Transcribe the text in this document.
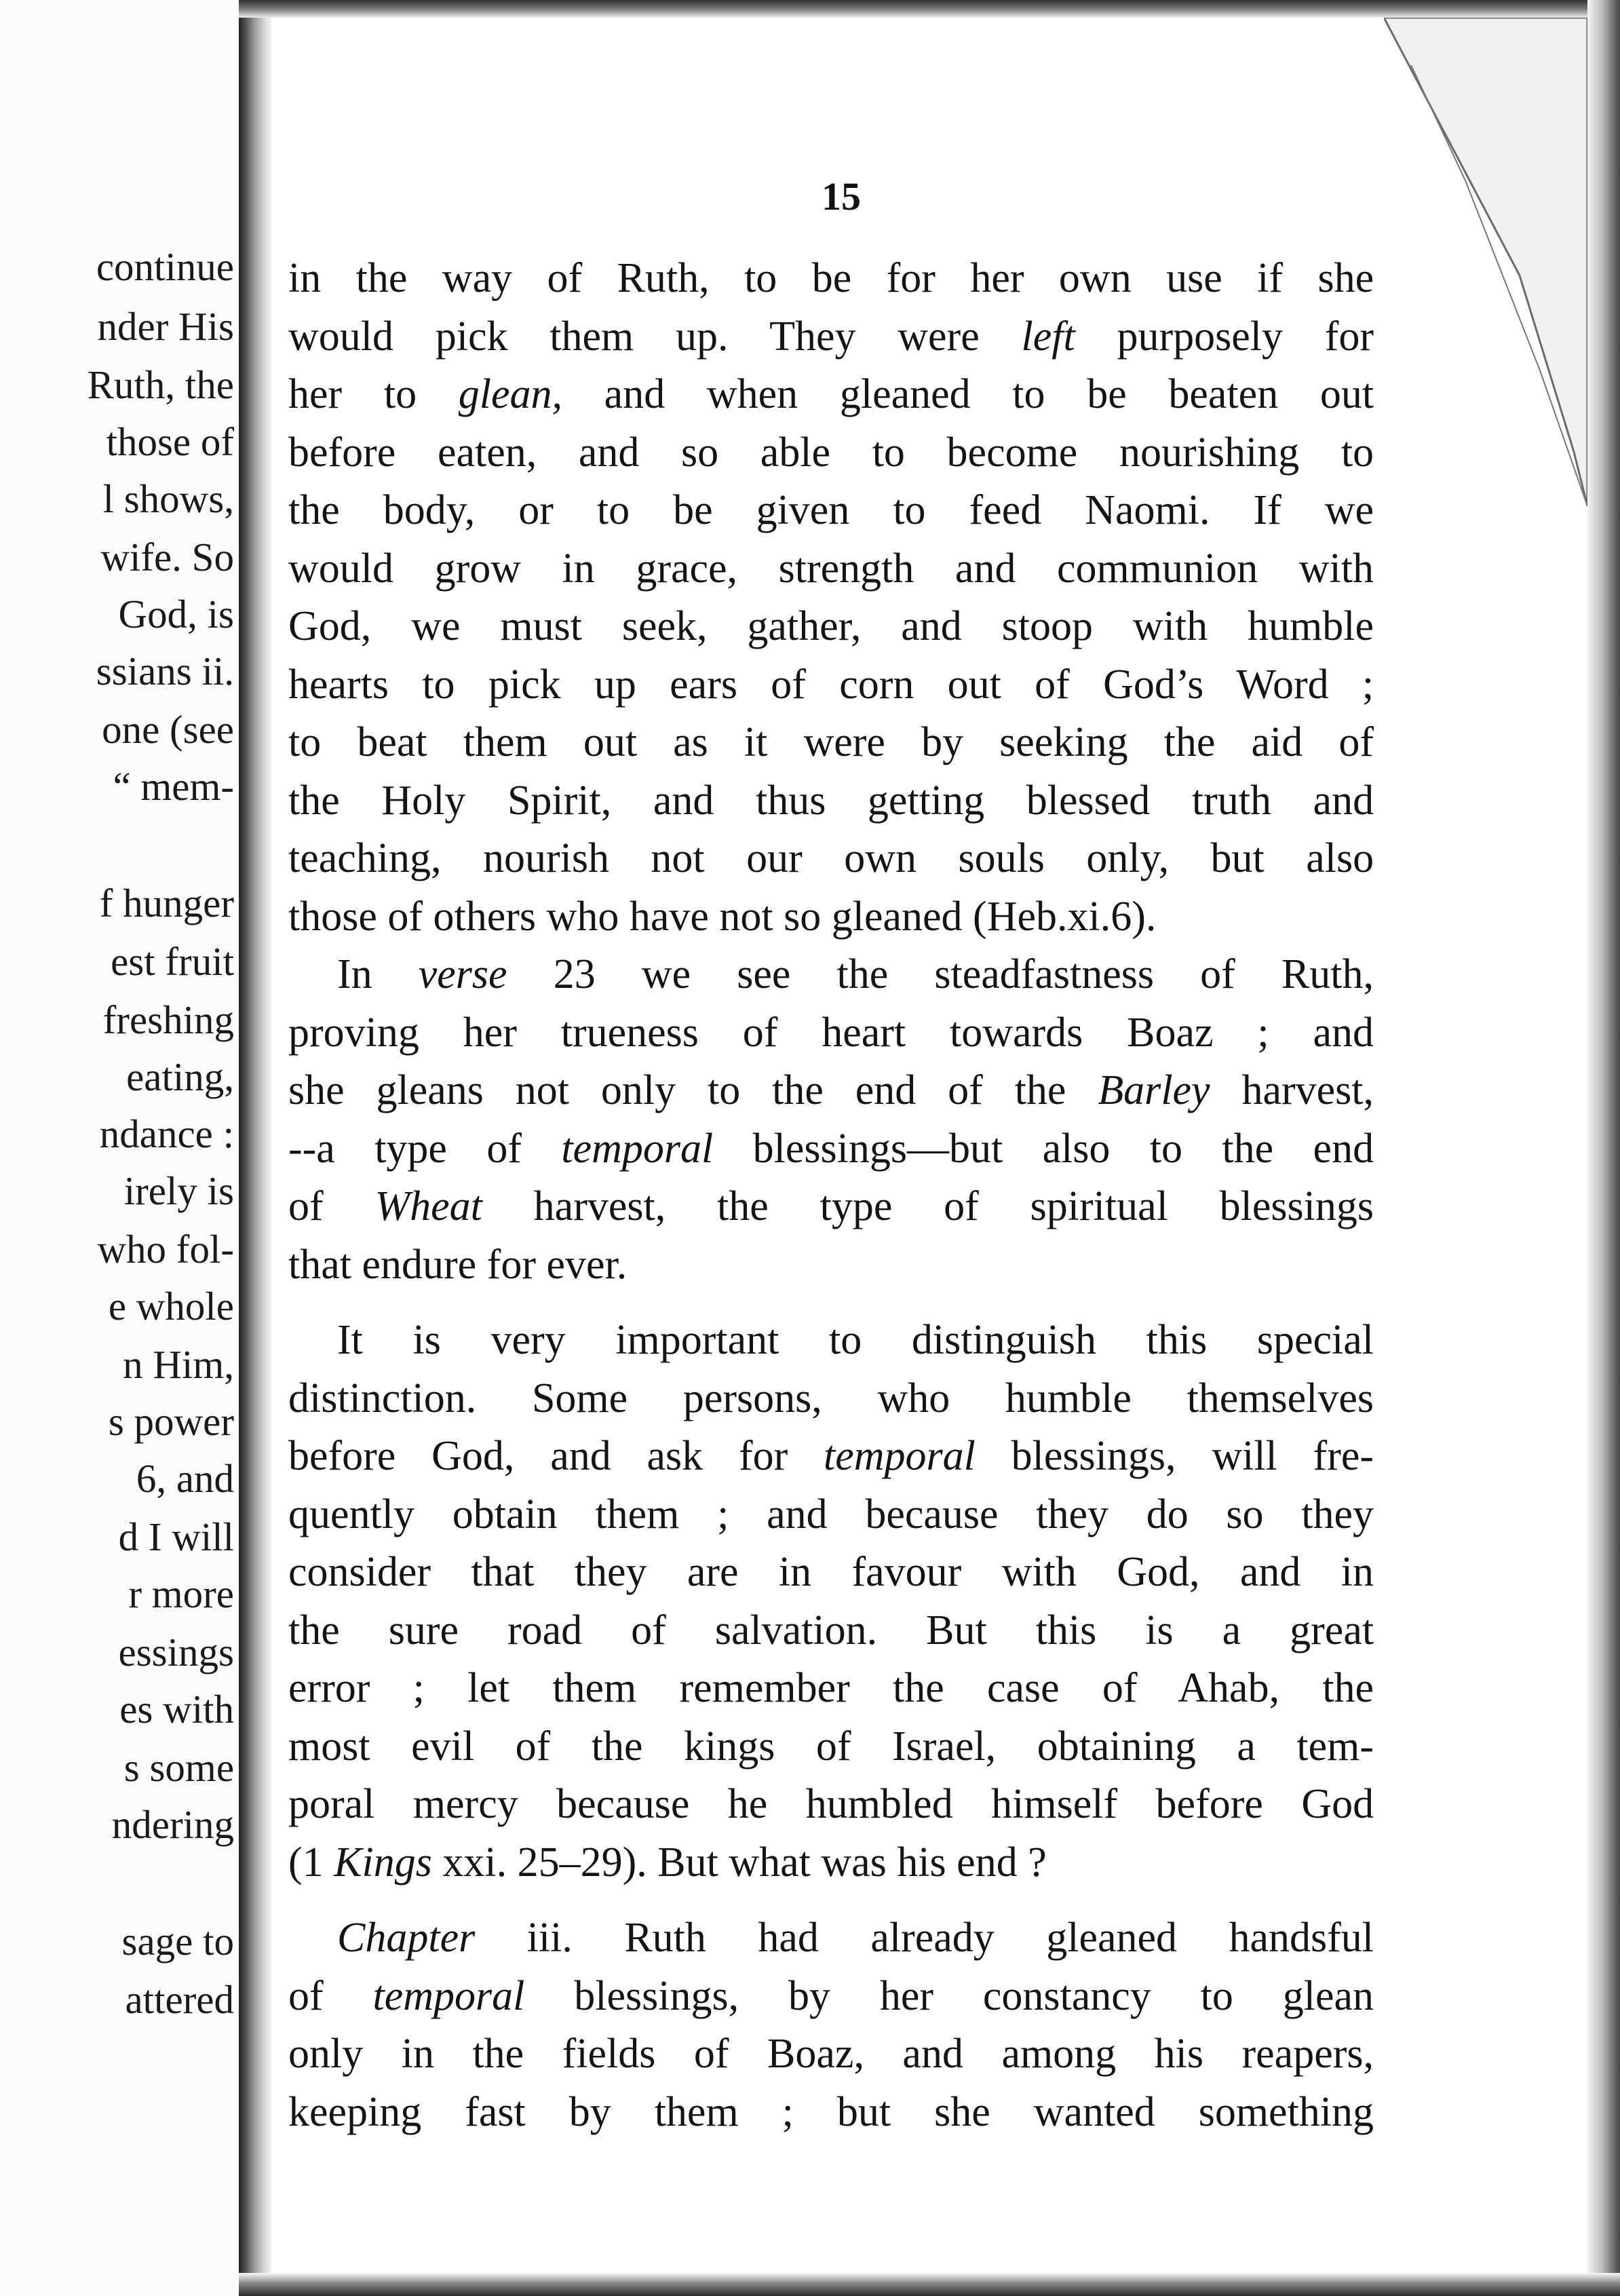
continue
nder His
Ruth, the
those of
l shows,
wife. So
God, is
ssians ii.
one (see
“ mem-
f hunger
est fruit
freshing
eating,
ndance :
irely is
who fol-
e whole
n Him,
s power
6, and
d I will
r more
essings
es with
s some
ndering
sage to
attered
15
in the way of Ruth, to be for her own use if she
would pick them up. They were left purposely for
her to glean, and when gleaned to be beaten out
before eaten, and so able to become nourishing to
the body, or to be given to feed Naomi. If we
would grow in grace, strength and communion with
God, we must seek, gather, and stoop with humble
hearts to pick up ears of corn out of God’s Word ;
to beat them out as it were by seeking the aid of
the Holy Spirit, and thus getting blessed truth and
teaching, nourish not our own souls only, but also
those of others who have not so gleaned (Heb.xi.6).
In verse 23 we see the steadfastness of Ruth,
proving her trueness of heart towards Boaz ; and
she gleans not only to the end of the Barley harvest,
--a type of temporal blessings—but also to the end
of Wheat harvest, the type of spiritual blessings
that endure for ever.
It is very important to distinguish this special
distinction. Some persons, who humble themselves
before God, and ask for temporal blessings, will fre-
quently obtain them ; and because they do so they
consider that they are in favour with God, and in
the sure road of salvation. But this is a great
error ; let them remember the case of Ahab, the
most evil of the kings of Israel, obtaining a tem-
poral mercy because he humbled himself before God
(1 Kings xxi. 25–29). But what was his end ?
Chapter iii. Ruth had already gleaned handsful
of temporal blessings, by her constancy to glean
only in the fields of Boaz, and among his reapers,
keeping fast by them ; but she wanted something
